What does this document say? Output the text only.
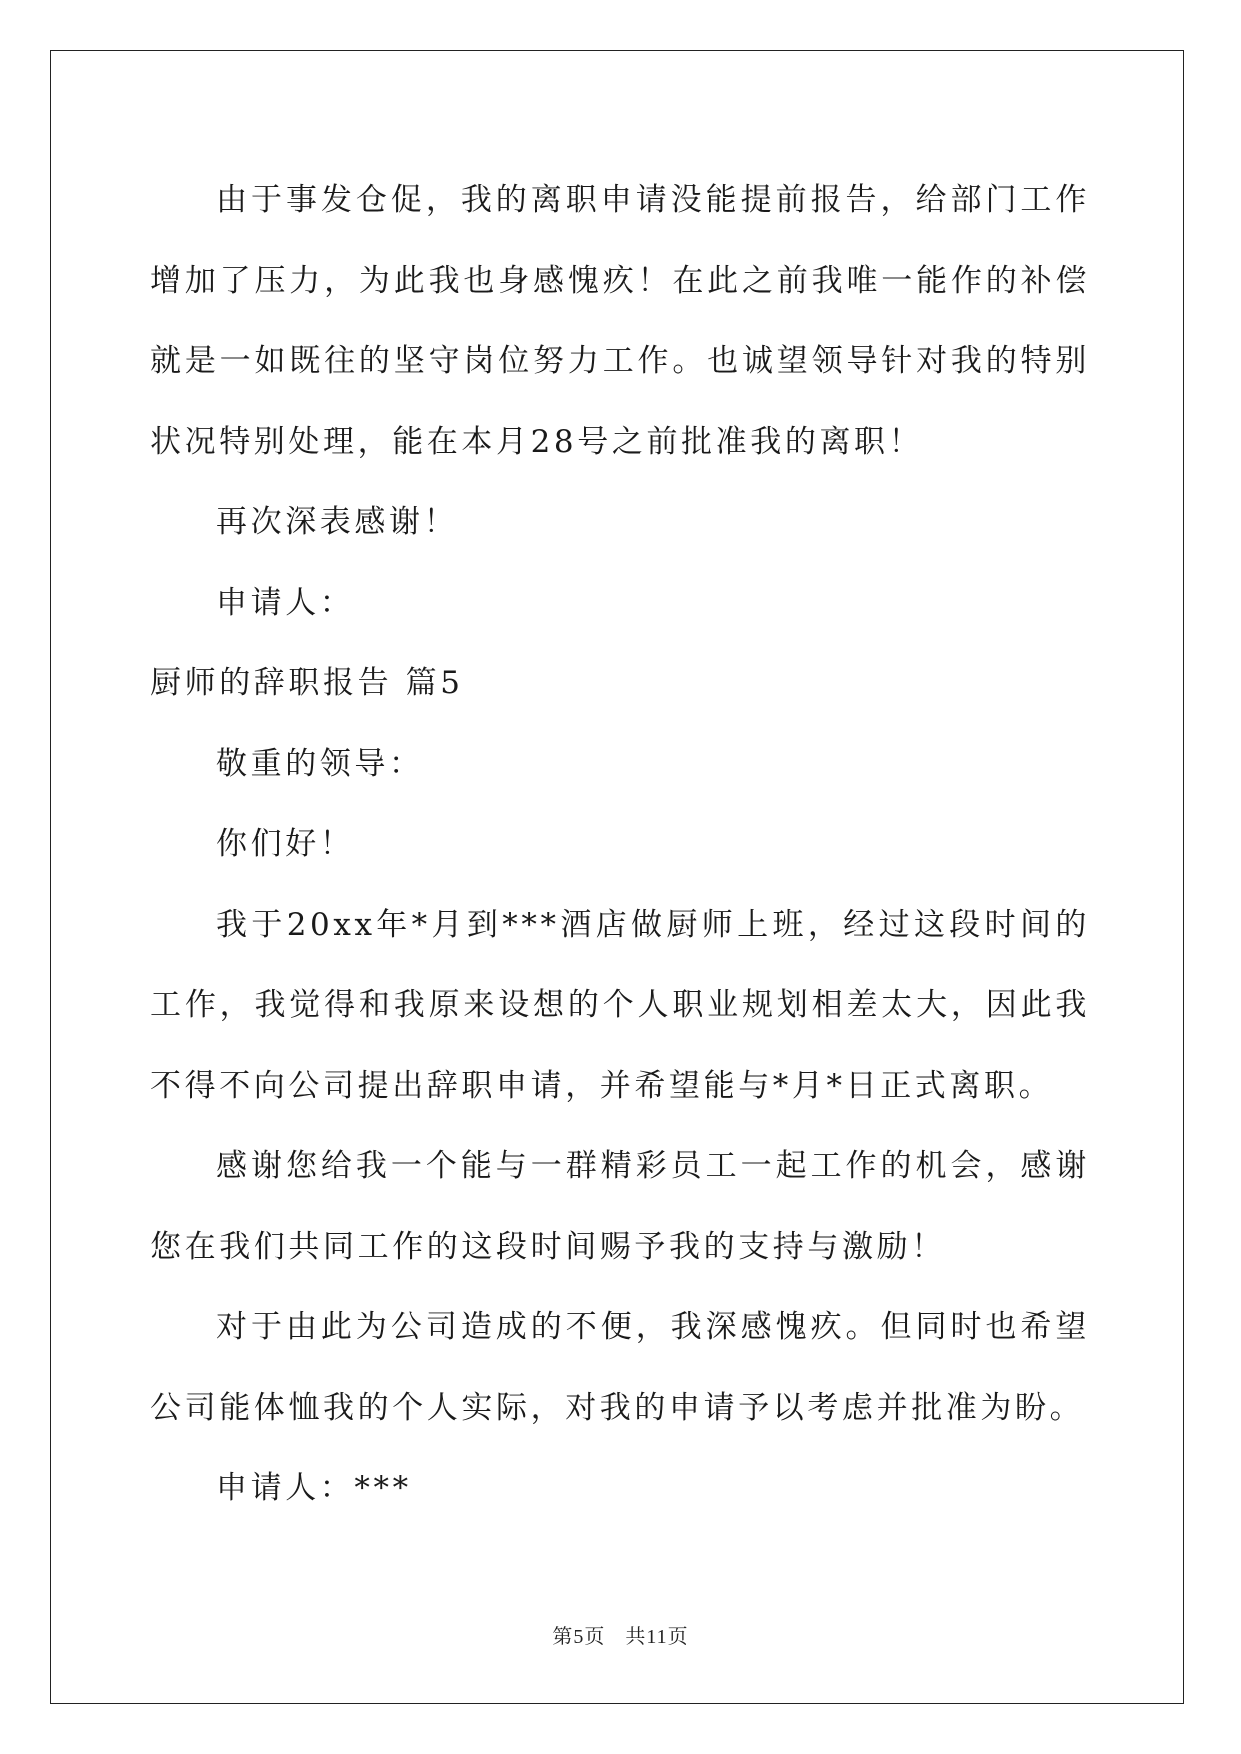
由于事发仓促，我的离职申请没能提前报告，给部门工作增加了压力，为此我也身感愧疚！在此之前我唯一能作的补偿就是一如既往的坚守岗位努力工作。也诚望领导针对我的特别状况特别处理，能在本月28号之前批准我的离职！

再次深表感谢！

申请人：

厨师的辞职报告 篇5

敬重的领导：

你们好！

我于20xx年*月到***酒店做厨师上班，经过这段时间的工作，我觉得和我原来设想的个人职业规划相差太大，因此我不得不向公司提出辞职申请，并希望能与*月*日正式离职。

感谢您给我一个能与一群精彩员工一起工作的机会，感谢您在我们共同工作的这段时间赐予我的支持与激励！

对于由此为公司造成的不便，我深感愧疚。但同时也希望公司能体恤我的个人实际，对我的申请予以考虑并批准为盼。

申请人：***

第5页 共11页
